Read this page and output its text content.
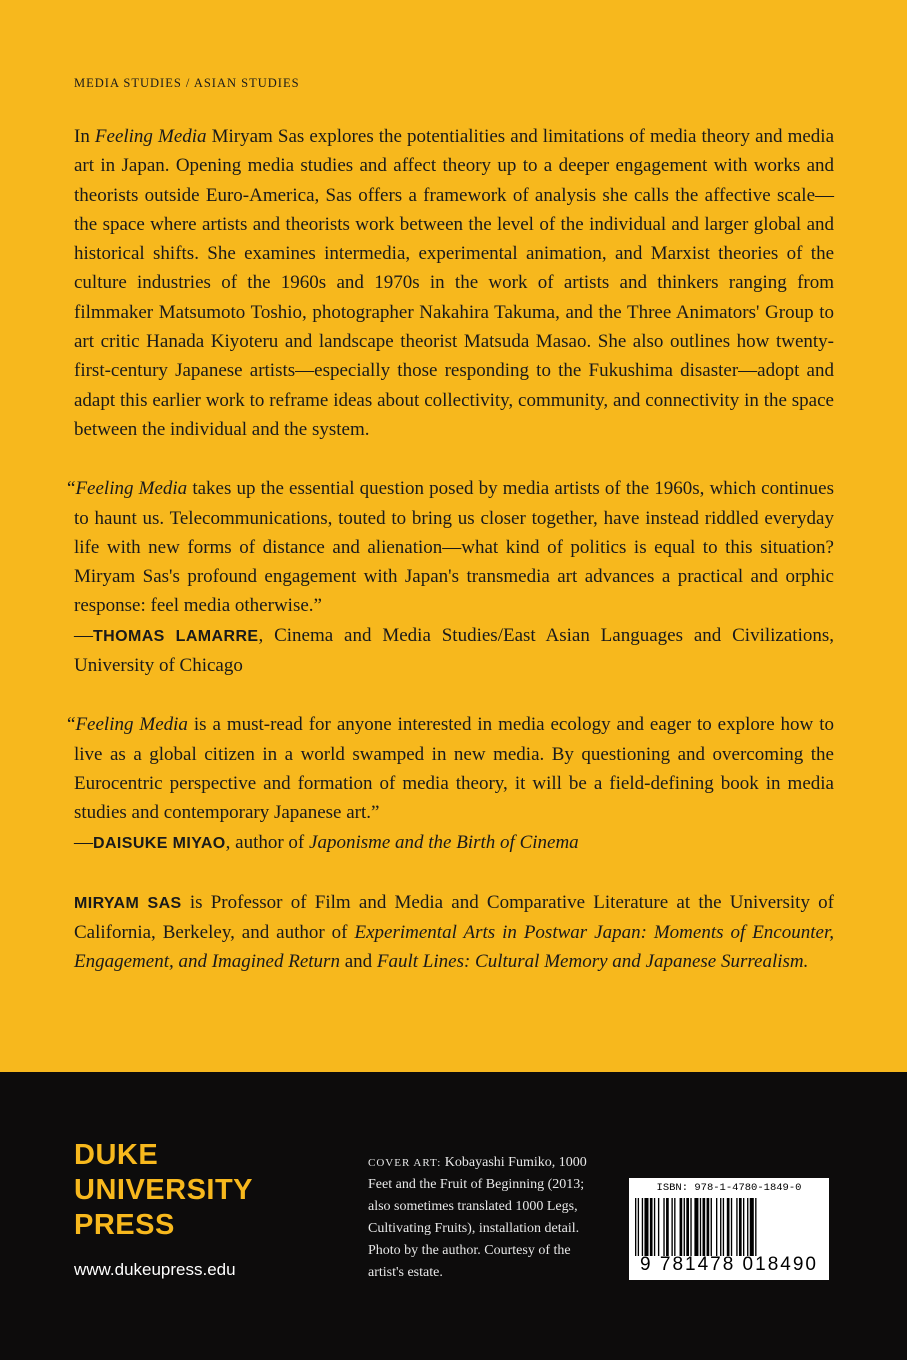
MEDIA STUDIES / ASIAN STUDIES

In Feeling Media Miryam Sas explores the potentialities and limitations of media theory and media art in Japan. Opening media studies and affect theory up to a deeper engagement with works and theorists outside Euro-America, Sas offers a framework of analysis she calls the affective scale—the space where artists and theorists work between the level of the individual and larger global and historical shifts. She examines intermedia, experimental animation, and Marxist theories of the culture industries of the 1960s and 1970s in the work of artists and thinkers ranging from filmmaker Matsumoto Toshio, photographer Nakahira Takuma, and the Three Animators' Group to art critic Hanada Kiyoteru and landscape theorist Matsuda Masao. She also outlines how twenty-first-century Japanese artists—especially those responding to the Fukushima disaster—adopt and adapt this earlier work to reframe ideas about collectivity, community, and connectivity in the space between the individual and the system.

“Feeling Media takes up the essential question posed by media artists of the 1960s, which continues to haunt us. Telecommunications, touted to bring us closer together, have instead riddled everyday life with new forms of distance and alienation—what kind of politics is equal to this situation? Miryam Sas's profound engagement with Japan's transmedia art advances a practical and orphic response: feel media otherwise.”
—THOMAS LAMARRE, Cinema and Media Studies/East Asian Languages and Civilizations, University of Chicago

“Feeling Media is a must-read for anyone interested in media ecology and eager to explore how to live as a global citizen in a world swamped in new media. By questioning and overcoming the Eurocentric perspective and formation of media theory, it will be a field-defining book in media studies and contemporary Japanese art.”
—DAISUKE MIYAO, author of Japonisme and the Birth of Cinema

MIRYAM SAS is Professor of Film and Media and Comparative Literature at the University of California, Berkeley, and author of Experimental Arts in Postwar Japan: Moments of Encounter, Engagement, and Imagined Return and Fault Lines: Cultural Memory and Japanese Surrealism.

DUKE
UNIVERSITY
PRESS
www.dukeupress.edu
COVER ART: Kobayashi Fumiko, 1000 Feet and the Fruit of Beginning (2013; also sometimes translated 1000 Legs, Cultivating Fruits), installation detail. Photo by the author. Courtesy of the artist's estate.
ISBN: 978-1-4780-1849-0
9 781478 018490
